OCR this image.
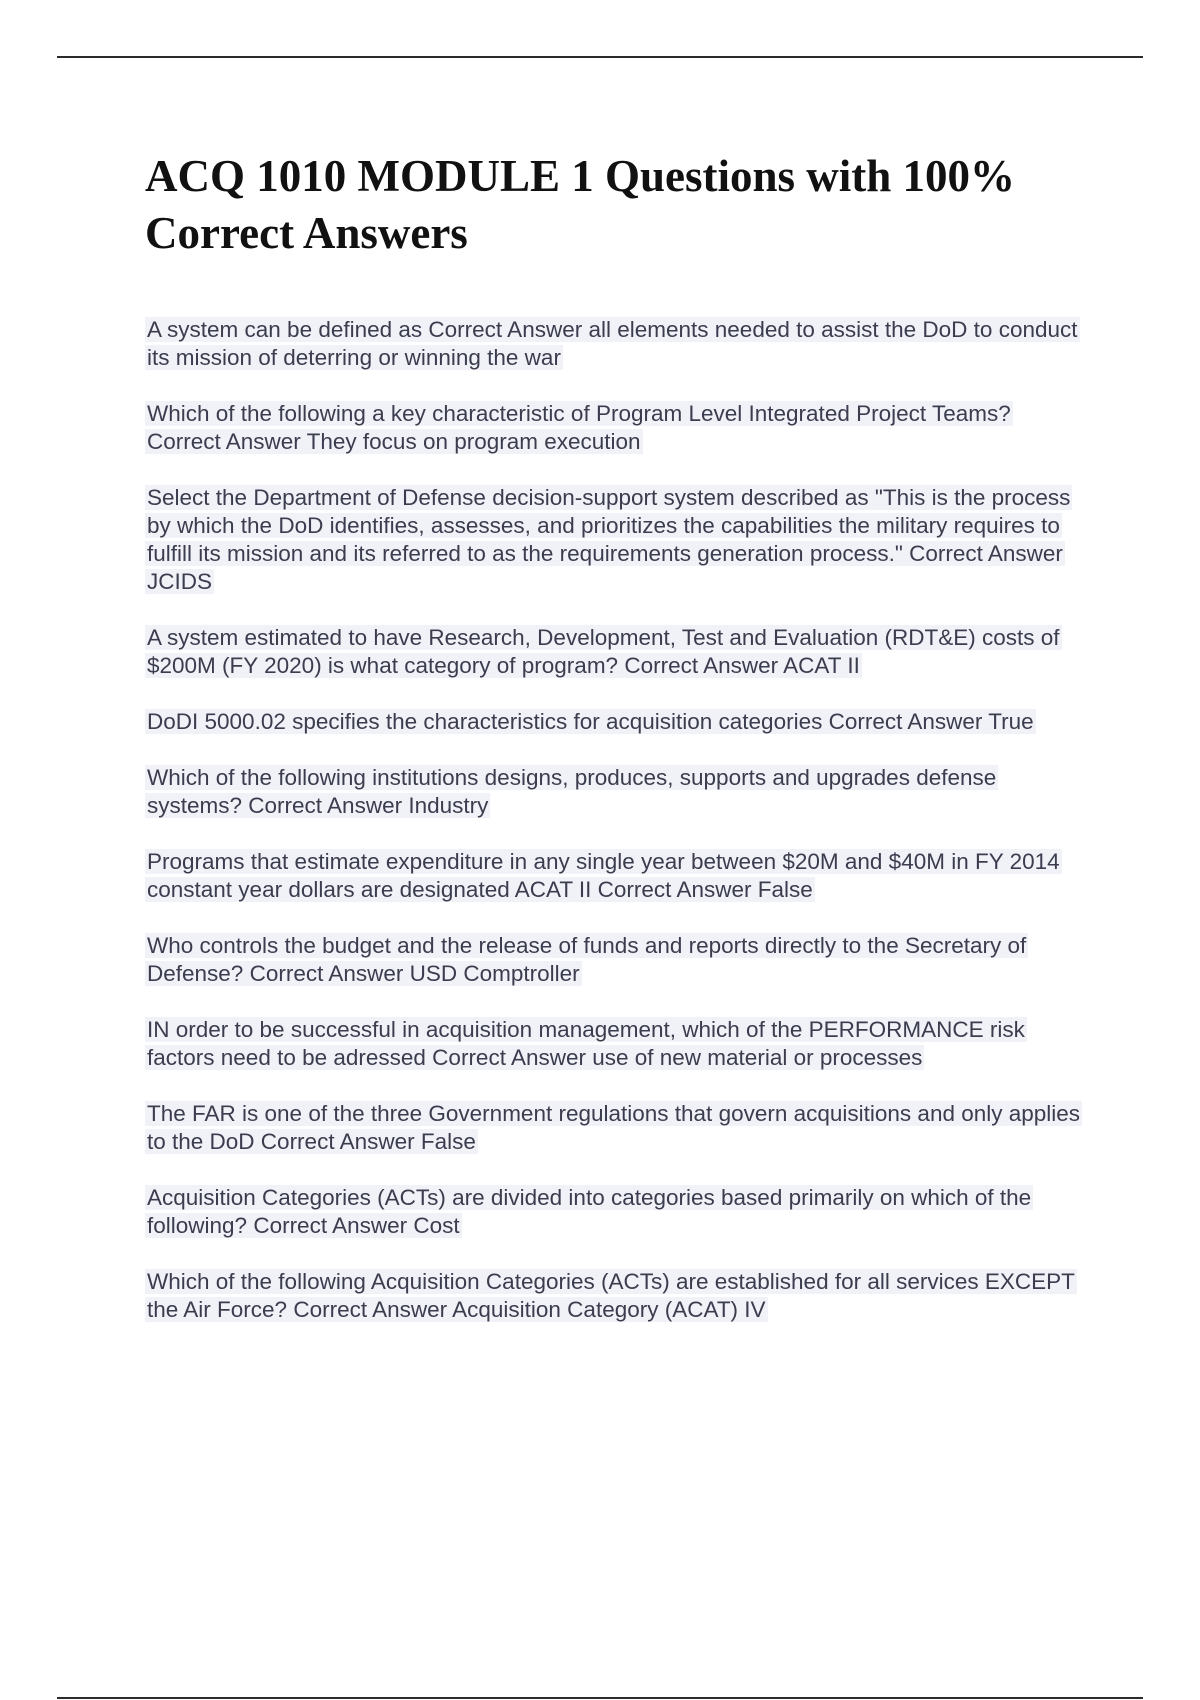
ACQ 1010 MODULE 1 Questions with 100% Correct Answers

A system can be defined as Correct Answer all elements needed to assist the DoD to conduct its mission of deterring or winning the war

Which of the following a key characteristic of Program Level Integrated Project Teams? Correct Answer They focus on program execution

Select the Department of Defense decision-support system described as "This is the process by which the DoD identifies, assesses, and prioritizes the capabilities the military requires to fulfill its mission and its referred to as the requirements generation process." Correct Answer JCIDS

A system estimated to have Research, Development, Test and Evaluation (RDT&E) costs of $200M (FY 2020) is what category of program? Correct Answer ACAT II

DoDI 5000.02 specifies the characteristics for acquisition categories Correct Answer True

Which of the following institutions designs, produces, supports and upgrades defense systems? Correct Answer Industry

Programs that estimate expenditure in any single year between $20M and $40M in FY 2014 constant year dollars are designated ACAT II Correct Answer False

Who controls the budget and the release of funds and reports directly to the Secretary of Defense? Correct Answer USD Comptroller

IN order to be successful in acquisition management, which of the PERFORMANCE risk factors need to be adressed Correct Answer use of new material or processes

The FAR is one of the three Government regulations that govern acquisitions and only applies to the DoD Correct Answer False

Acquisition Categories (ACTs) are divided into categories based primarily on which of the following? Correct Answer Cost

Which of the following Acquisition Categories (ACTs) are established for all services EXCEPT the Air Force? Correct Answer Acquisition Category (ACAT) IV
